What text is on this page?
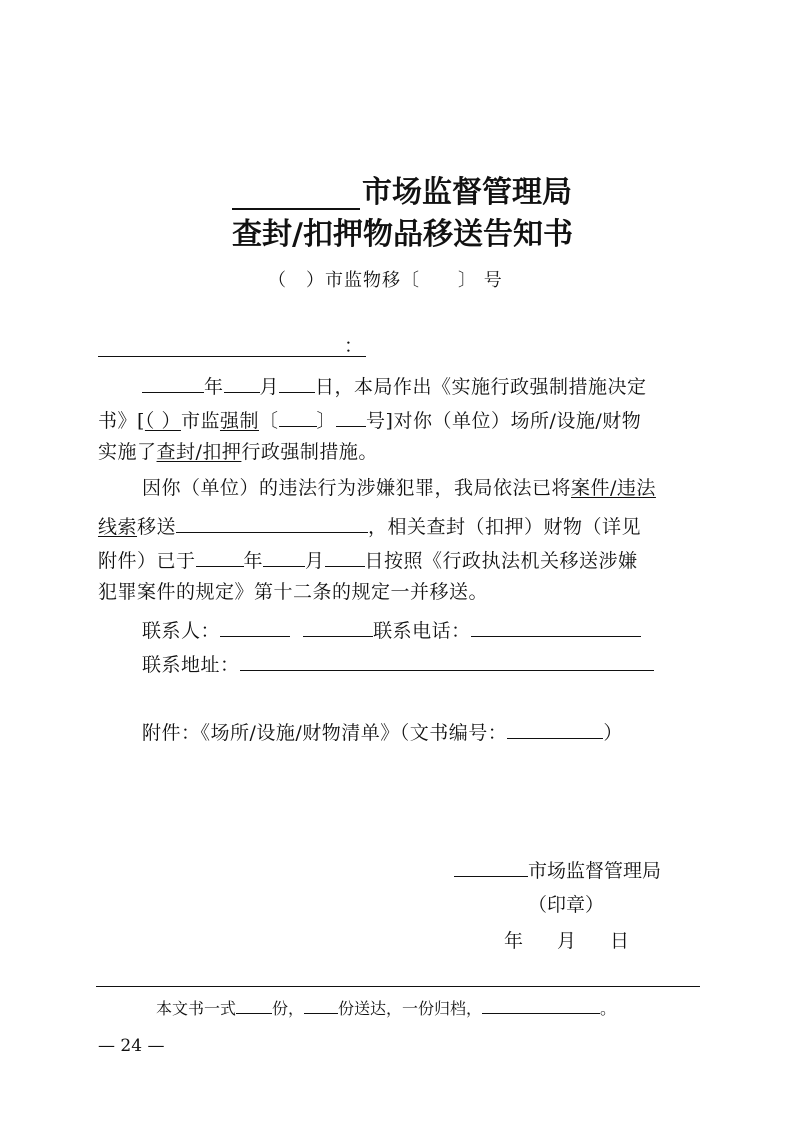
市场监督管理局
查封/扣押物品移送告知书
（　）市监物移〔　　〕 号
：
年 月 日，本局作出《实施行政强制措施决定
书》[（ ）市监强制〔 〕 号]对你（单位）场所/设施/财物
实施了查封/扣押行政强制措施。
因你（单位）的违法行为涉嫌犯罪，我局依法已将案件/违法
线索移送	，相关查封（扣押）财物（详见
附件）已于	年 月 日按照《行政执法机关移送涉嫌
犯罪案件的规定》第十二条的规定一并移送。
联系人：	联系电话：
联系地址：
附件：《场所/设施/财物清单》（文书编号：	）
市场监督管理局
（印章）
年 月 日
本文书一式 份， 份送达，一份归档，	。
— 24 —
